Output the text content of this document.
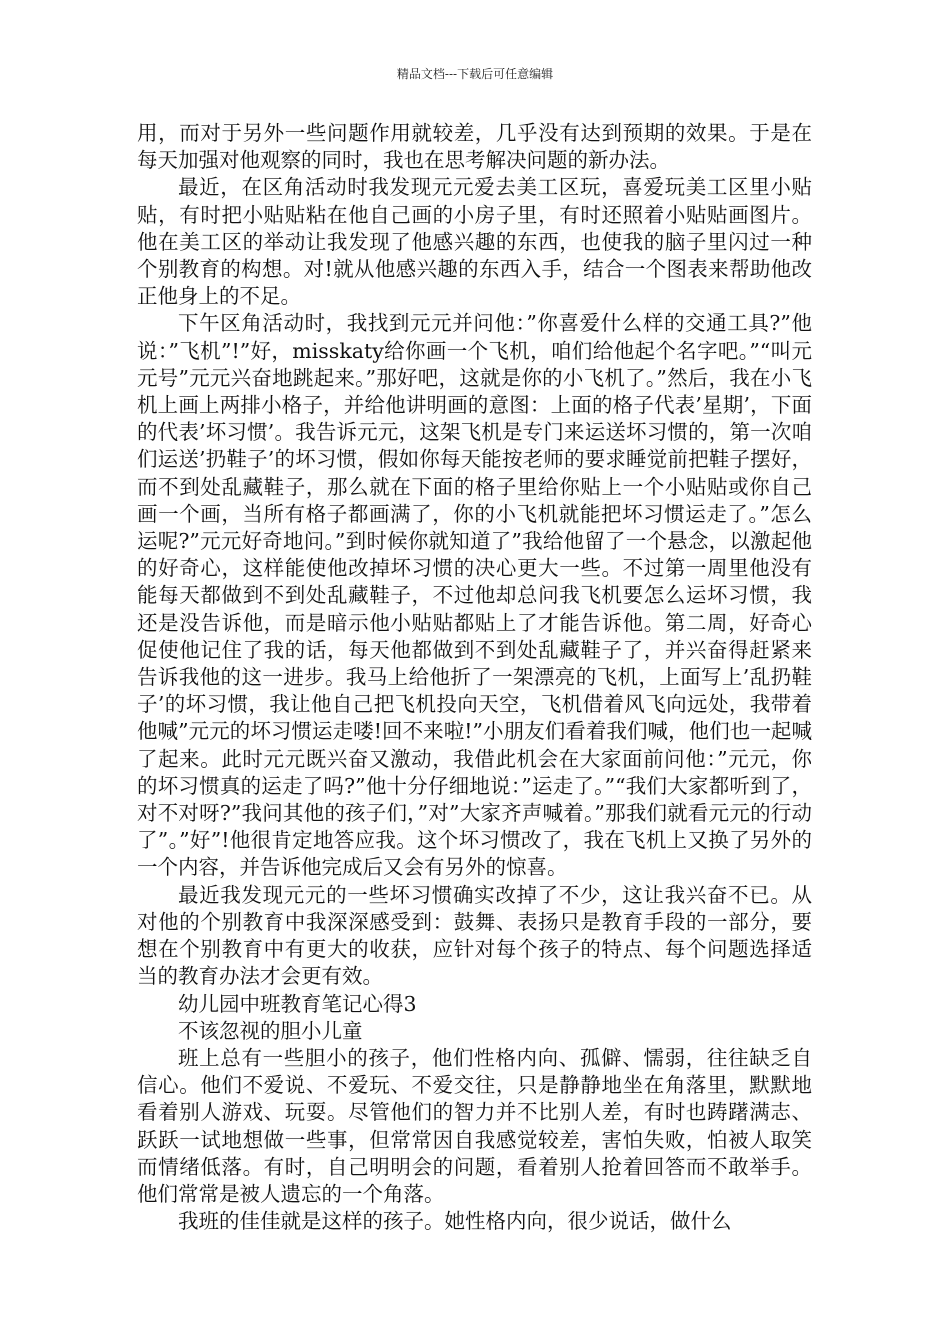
精品文档---下载后可任意编辑

用，而对于另外一些问题作用就较差，几乎没有达到预期的效果。于是在每天加强对他观察的同时，我也在思考解决问题的新办法。

最近，在区角活动时我发现元元爱去美工区玩，喜爱玩美工区里小贴贴，有时把小贴贴粘在他自己画的小房子里，有时还照着小贴贴画图片。他在美工区的举动让我发现了他感兴趣的东西，也使我的脑子里闪过一种个别教育的构想。对!就从他感兴趣的东西入手，结合一个图表来帮助他改正他身上的不足。

下午区角活动时，我找到元元并问他：”你喜爱什么样的交通工具?”他说：”飞机”!”好，misskaty给你画一个飞机，咱们给他起个名字吧。”“叫元元号”元元兴奋地跳起来。”那好吧，这就是你的小飞机了。”然后，我在小飞机上画上两排小格子，并给他讲明画的意图：上面的格子代表’星期’，下面的代表’坏习惯’。我告诉元元，这架飞机是专门来运送坏习惯的，第一次咱们运送’扔鞋子’的坏习惯，假如你每天能按老师的要求睡觉前把鞋子摆好，而不到处乱藏鞋子，那么就在下面的格子里给你贴上一个小贴贴或你自己画一个画，当所有格子都画满了，你的小飞机就能把坏习惯运走了。”怎么运呢?”元元好奇地问。”到时候你就知道了”我给他留了一个悬念，以激起他的好奇心，这样能使他改掉坏习惯的决心更大一些。不过第一周里他没有能每天都做到不到处乱藏鞋子，不过他却总问我飞机要怎么运坏习惯，我还是没告诉他，而是暗示他小贴贴都贴上了才能告诉他。第二周，好奇心促使他记住了我的话，每天他都做到不到处乱藏鞋子了，并兴奋得赶紧来告诉我他的这一进步。我马上给他折了一架漂亮的飞机，上面写上’乱扔鞋子’的坏习惯，我让他自己把飞机投向天空，飞机借着风飞向远处，我带着他喊”元元的坏习惯运走喽!回不来啦!”小朋友们看着我们喊，他们也一起喊了起来。此时元元既兴奋又激动，我借此机会在大家面前问他：”元元，你的坏习惯真的运走了吗?”他十分仔细地说：”运走了。”“我们大家都听到了，对不对呀?”我问其他的孩子们，”对”大家齐声喊着。”那我们就看元元的行动了”。”好”!他很肯定地答应我。这个坏习惯改了，我在飞机上又换了另外的一个内容，并告诉他完成后又会有另外的惊喜。

最近我发现元元的一些坏习惯确实改掉了不少，这让我兴奋不已。从对他的个别教育中我深深感受到：鼓舞、表扬只是教育手段的一部分，要想在个别教育中有更大的收获，应针对每个孩子的特点、每个问题选择适当的教育办法才会更有效。

幼儿园中班教育笔记心得3

不该忽视的胆小儿童

班上总有一些胆小的孩子，他们性格内向、孤僻、懦弱，往往缺乏自信心。他们不爱说、不爱玩、不爱交往，只是静静地坐在角落里，默默地看着别人游戏、玩耍。尽管他们的智力并不比别人差，有时也踌躇满志、跃跃一试地想做一些事，但常常因自我感觉较差，害怕失败，怕被人取笑而情绪低落。有时，自己明明会的问题，看着别人抢着回答而不敢举手。他们常常是被人遗忘的一个角落。

我班的佳佳就是这样的孩子。她性格内向，很少说话，做什么
